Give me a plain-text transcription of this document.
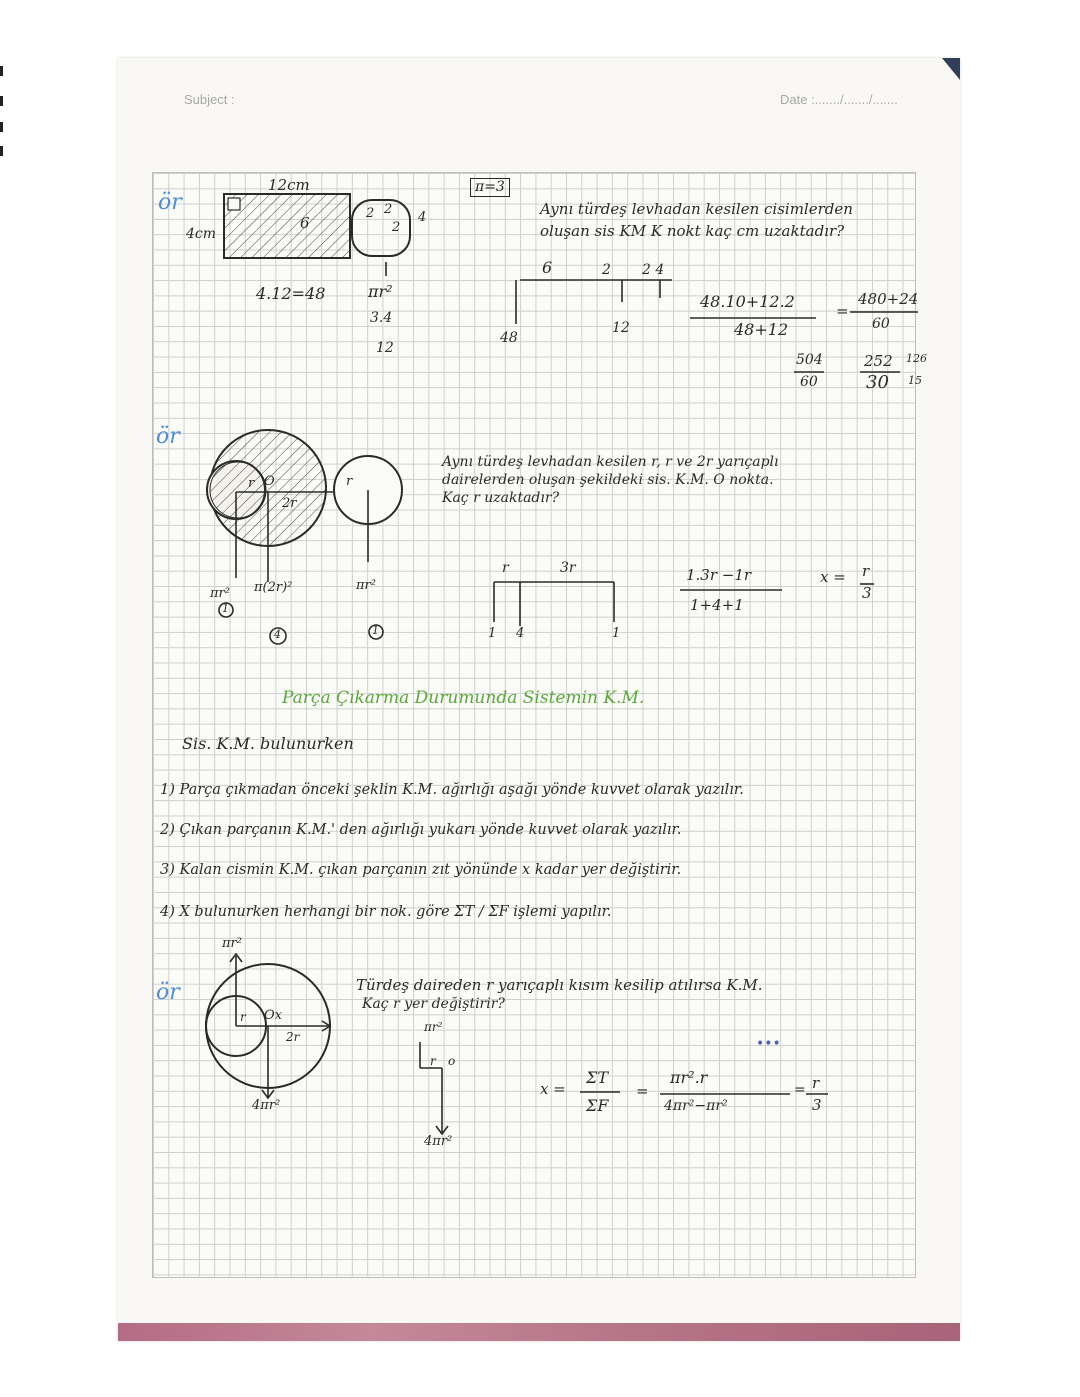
Subject :	Date :......./......./.......
ör
π=3
12cm
4cm
6
2 2
2
4
4.12=48	πr²
3.4
12
Aynı türdeş levhadan kesilen cisimlerden
oluşan sis KM K nokt kaç cm uzaktadır?
6	2 2 4
48
12
48.10+12.2
48+12
=
480+24
60
504
60
252
30
126
15
ör
r O
2r
r
πr² π(2r)²	πr²
1
4	1
Aynı türdeş levhadan kesilen r, r ve 2r yarıçaplı
dairelerden oluşan şekildeki sis. K.M. O nokta.
Kaç r uzaktadır?
r	3r
1 4	1
1.3r −1r
1+4+1
x = r
3
Parça Çıkarma Durumunda Sistemin K.M.
Sis. K.M. bulunurken
1) Parça çıkmadan önceki şeklin K.M. ağırlığı aşağı yönde kuvvet olarak yazılır.
2) Çıkan parçanın K.M.' den ağırlığı yukarı yönde kuvvet olarak yazılır.
3) Kalan cismin K.M. çıkan parçanın zıt yönünde x kadar yer değiştirir.
4) X bulunurken herhangi bir nok. göre ΣT / ΣF işlemi yapılır.
ör
πr²
r Ox
2r
4πr²
Türdeş daireden r yarıçaplı kısım kesilip atılırsa K.M.
Kaç r yer değiştirir?
πr²
r o
4πr²
x =
ΣT
ΣF
=
πr².r
4πr²−πr²
= r
3
•••
